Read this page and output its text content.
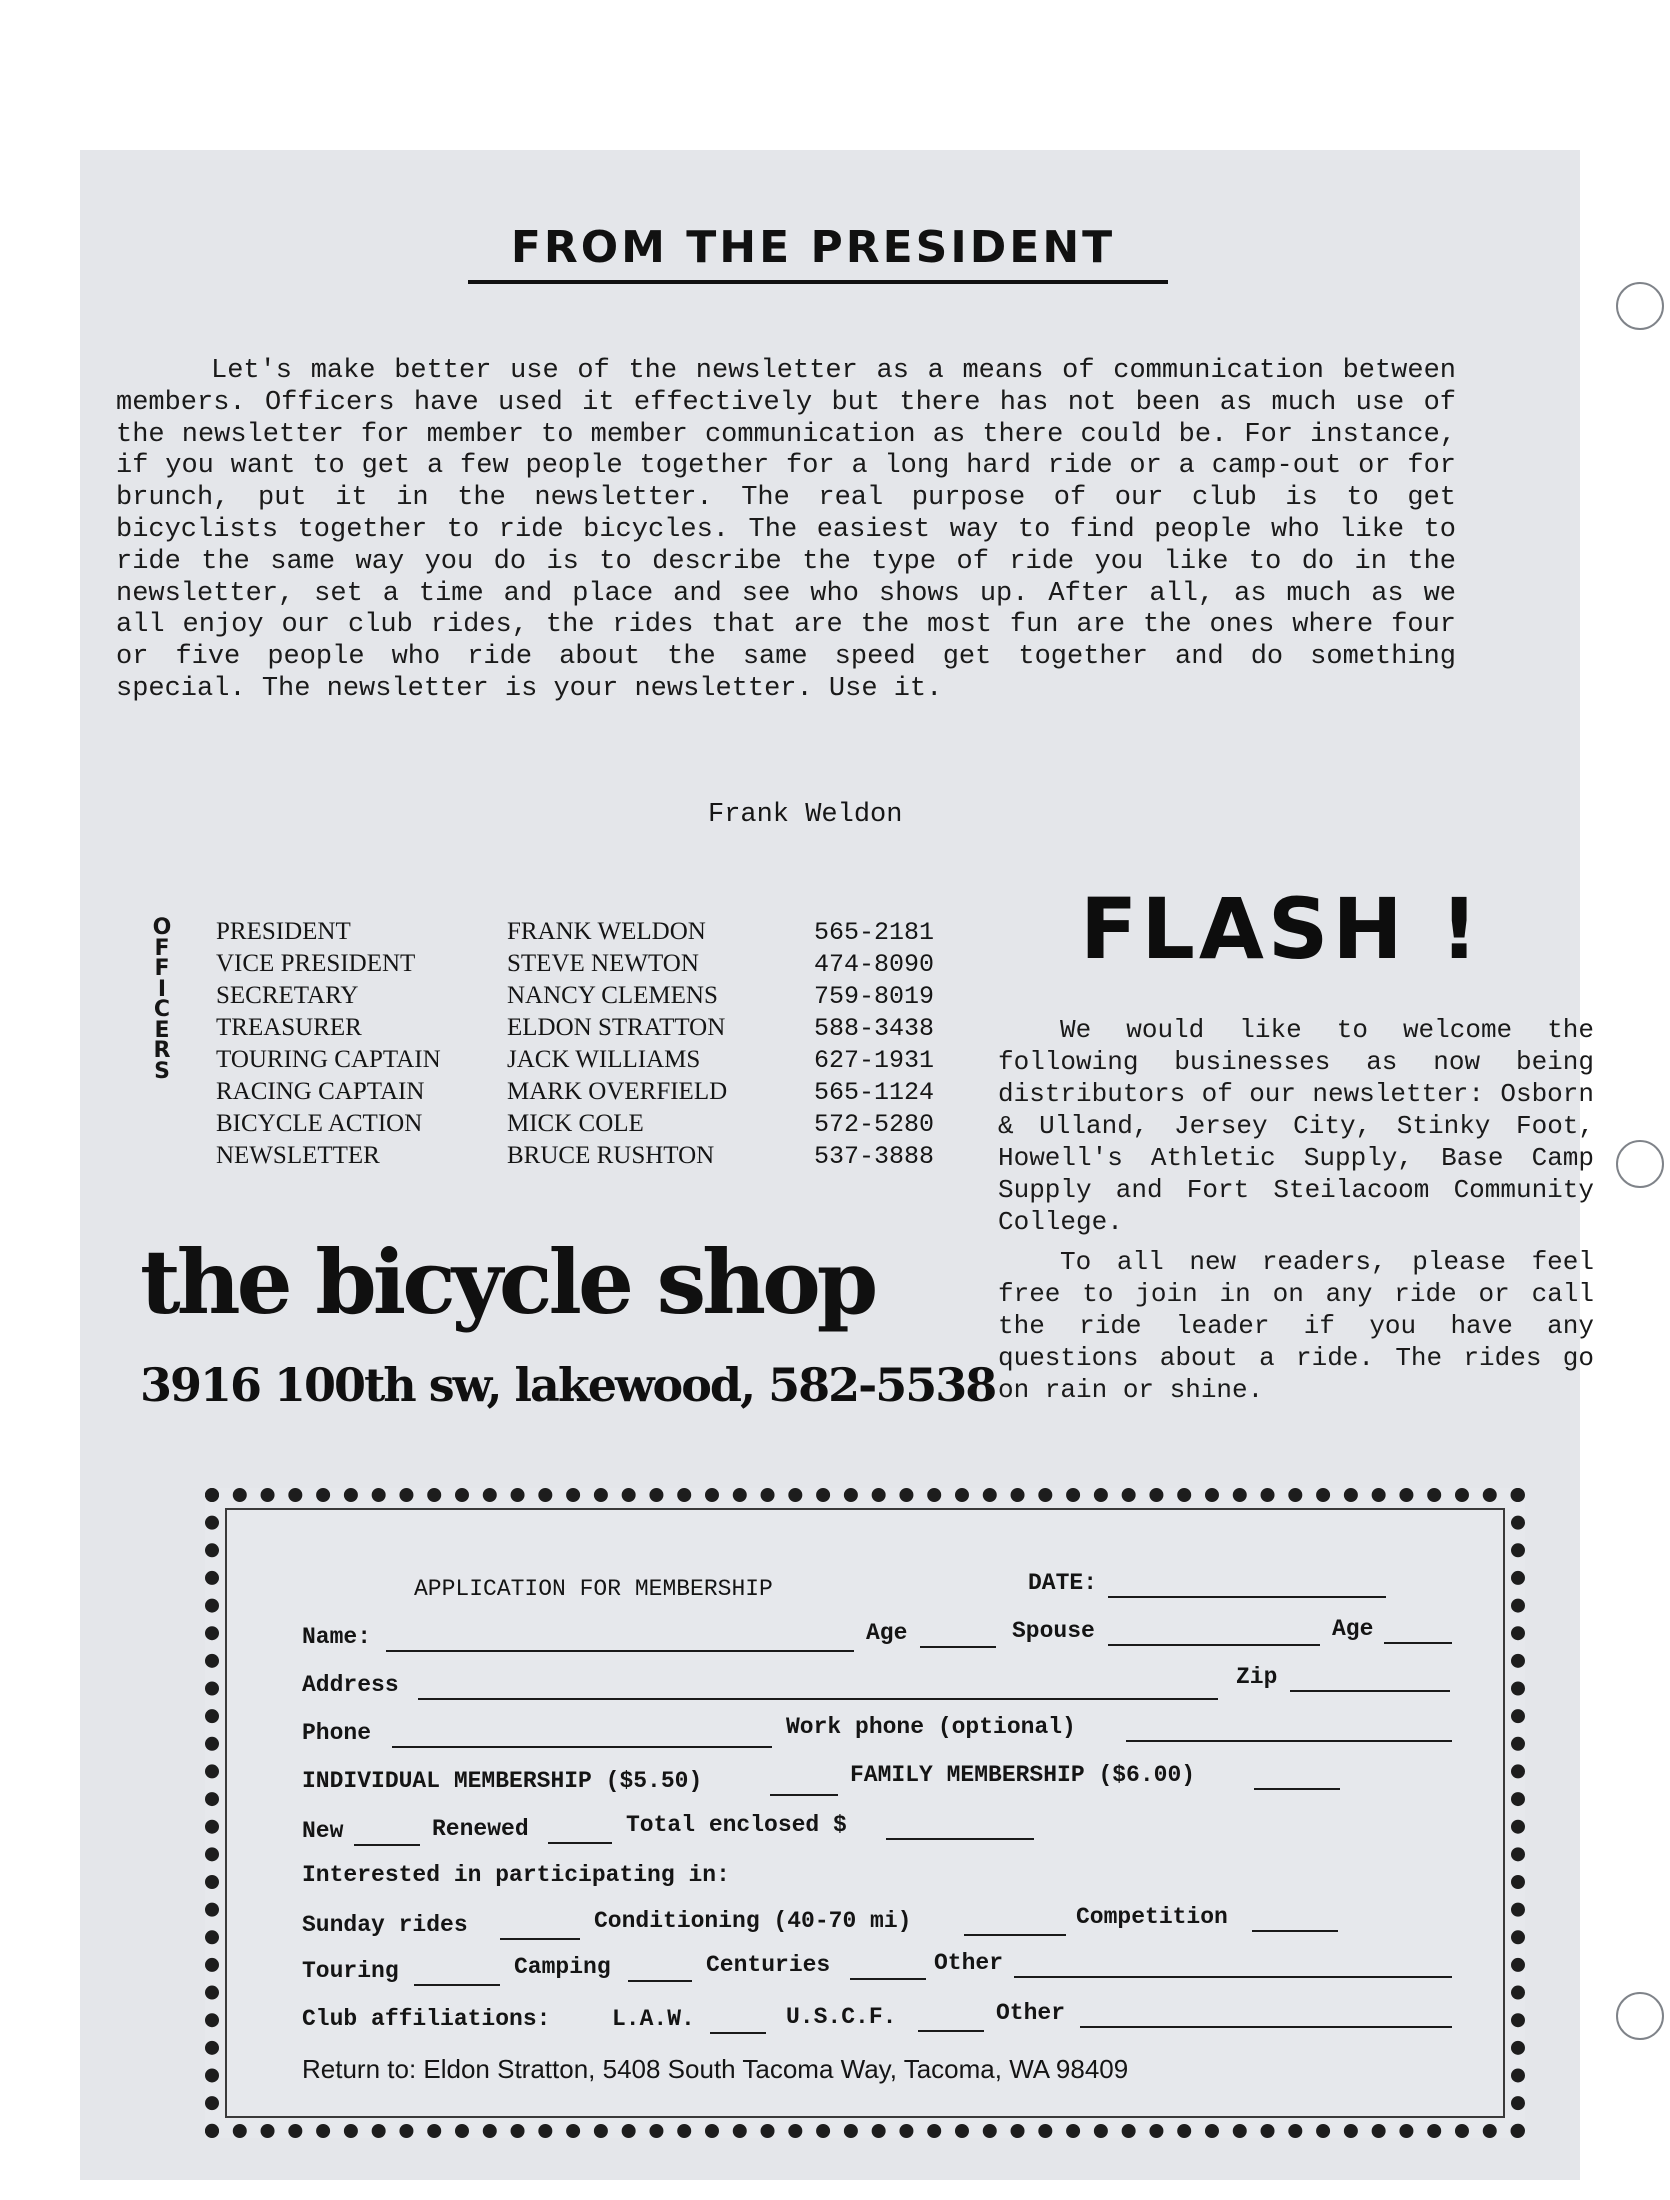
FROM THE PRESIDENT

Let's make better use of the newsletter as a means of communication between members. Officers have used it effectively but there has not been as much use of the newsletter for member to member communication as there could be. For instance, if you want to get a few people together for a long hard ride or a camp-out or for brunch, put it in the newsletter. The real purpose of our club is to get bicyclists together to ride bicycles. The easiest way to find people who like to ride the same way you do is to describe the type of ride you like to do in the newsletter, set a time and place and see who shows up. After all, as much as we all enjoy our club rides, the rides that are the most fun are the ones where four or five people who ride about the same speed get together and do something special. The newsletter is your newsletter. Use it.

Frank Weldon
O
F
F
I
C
E
R
S
PRESIDENT	FRANK WELDON	565-2181
VICE PRESIDENT	STEVE NEWTON	474-8090
SECRETARY	NANCY CLEMENS	759-8019
TREASURER	ELDON STRATTON	588-3438
TOURING CAPTAIN	JACK WILLIAMS	627-1931
RACING CAPTAIN	MARK OVERFIELD	565-1124
BICYCLE ACTION	MICK COLE	572-5280
NEWSLETTER	BRUCE RUSHTON	537-3888
FLASH !

We would like to welcome the following businesses as now being distributors of our newsletter: Osborn & Ulland, Jersey City, Stinky Foot, Howell's Athletic Supply, Base Camp Supply and Fort Steilacoom Community College.

To all new readers, please feel free to join in on any ride or call the ride leader if you have any questions about a ride. The rides go on rain or shine.

the bicycle shop
3916 100th sw, lakewood, 582-5538
APPLICATION FOR MEMBERSHIP	DATE:
Name:	Age	Spouse	Age
Address	Zip
Phone	Work phone (optional)
INDIVIDUAL MEMBERSHIP ($5.50)	FAMILY MEMBERSHIP ($6.00)
New	Renewed	Total enclosed $
Interested in participating in:
Sunday rides	Conditioning (40-70 mi)	Competition
Touring	Camping	Centuries	Other
Club affiliations:	L.A.W.	U.S.C.F.	Other
Return to: Eldon Stratton, 5408 South Tacoma Way, Tacoma, WA 98409
